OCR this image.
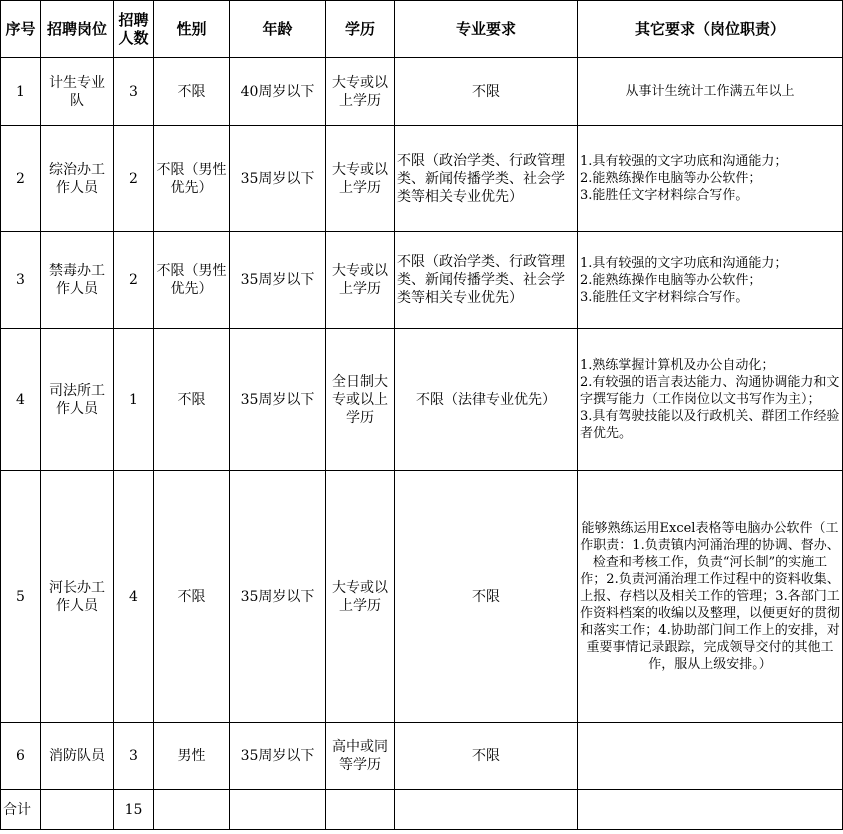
序号	招聘岗位	招聘人数	性别	年龄	学历	专业要求	其它要求（岗位职责）
1	计生专业队	3	不限	40周岁以下	大专或以上学历	不限	从事计生统计工作满五年以上
2	综治办工作人员	2	不限（男性优先）	35周岁以下	大专或以上学历	不限（政治学类、行政管理类、新闻传播学类、社会学类等相关专业优先）	1.具有较强的文字功底和沟通能力；
2.能熟练操作电脑等办公软件；
3.能胜任文字材料综合写作。

3	禁毒办工作人员	2	不限（男性优先）	35周岁以下	大专或以上学历	不限（政治学类、行政管理类、新闻传播学类、社会学类等相关专业优先）	1.具有较强的文字功底和沟通能力；
2.能熟练操作电脑等办公软件；
3.能胜任文字材料综合写作。

4	司法所工作人员	1	不限	35周岁以下	全日制大专或以上学历	不限（法律专业优先）	1.熟练掌握计算机及办公自动化；
2.有较强的语言表达能力、沟通协调能力和文字撰写能力（工作岗位以文书写作为主）；
3.具有驾驶技能以及行政机关、群团工作经验者优先。

5	河长办工作人员	4	不限	35周岁以下	大专或以上学历	不限	能够熟练运用Excel表格等电脑办公软件（工作职责：1.负责镇内河涌治理的协调、督办、检查和考核工作，负责“河长制”的实施工作；2.负责河涌治理工作过程中的资料收集、上报、存档以及相关工作的管理；3.各部门工作资料档案的收编以及整理，以便更好的贯彻和落实工作；4.协助部门间工作上的安排，对重要事情记录跟踪，完成领导交付的其他工作，服从上级安排。）
6	消防队员	3	男性	35周岁以下	高中或同等学历	不限	
合计		15					
